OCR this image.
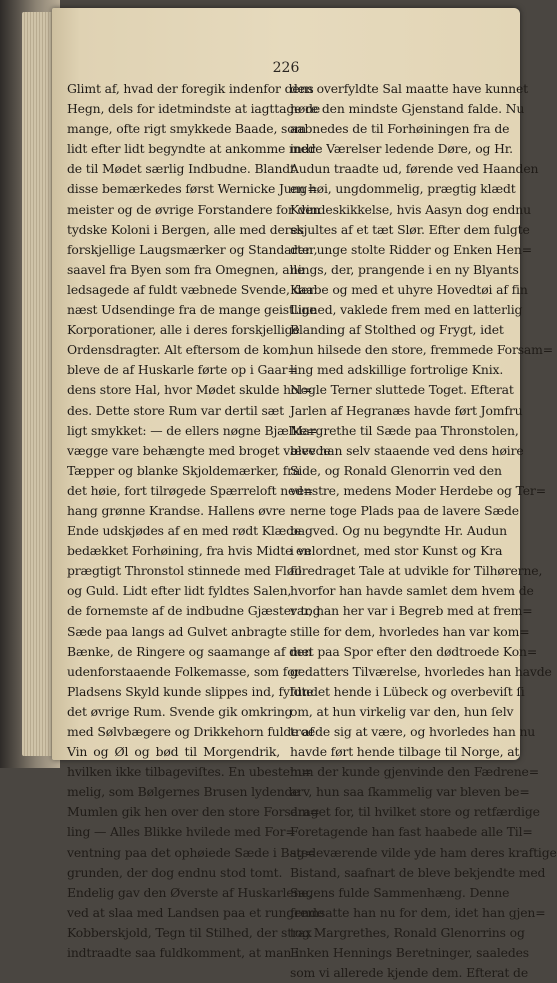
226
Glimt af, hvad der foregik indenfor dens
Hegn, dels for idetmindste at iagttage de
mange, ofte rigt smykkede Baade, som
lidt efter lidt begyndte at ankomme med
de til Mødet særlig Indbudne. Blandt
disse bemærkedes først Wernicke Jung=
meister og de øvrige Forstandere for den
tydske Koloni i Bergen, alle med deres
forskjellige Laugsmærker og Standarter,
saavel fra Byen som fra Omegnen, alle
ledsagede af fuldt væbnede Svende, der
næst Udsendinge fra de mange geistlige
Korporationer, alle i deres forskjellige
Ordensdragter. Alt eftersom de kom,
bleve de af Huskarle førte op i Gaar=
dens store Hal, hvor Mødet skulde hol=
des. Dette store Rum var dertil sæt
ligt smykket: — de ellers nøgne Bjælke=
vægge vare behængte med broget vævede
Tæpper og blanke Skjoldemærker, fra
det høie, fort tilrøgede Spærreloft ned=
hang grønne Krandse. Hallens øvre
Ende udskjødes af en med rødt Klæde
bedækket Forhøining, fra hvis Midte en
prægtigt Thronstol stinnede med Fløil
og Guld. Lidt efter lidt fyldtes Salen,
de fornemste af de indbudne Gjæster tog
Sæde paa langs ad Gulvet anbragte
Bænke, de Ringere og saamange af den
udenforstaaende Folkemasse, som for
Pladsens Skyld kunde slippes ind, fyldte
det øvrige Rum. Svende gik omkring
med Sølvbægere og Drikkehorn fulde af
Vin og Øl og bød til Morgendrik,
hvilken ikke tilbageviſtes. En ubestem=
melig, som Bølgernes Brusen lydende
Mumlen gik hen over den store Forsam=
ling — Alles Blikke hvilede med For=
ventning paa det ophøiede Sæde i Bag=
grunden, der dog endnu stod tomt.
Endelig gav den Øverste af Huskarlene,
ved at slaa med Landsen paa et rungende
Kobberskjold, Tegn til Stilhed, der strax
indtraadte saa fuldkomment, at man i
den overfyldte Sal maatte have kunnet
høre den mindste Gjenstand falde. Nu
aabnedes de til Forhøiningen fra de
indre Værelser ledende Døre, og Hr.
Audun traadte ud, førende ved Haanden
en høi, ungdommelig, prægtig klædt
Kvindeskikkelse, hvis Aasyn dog endnu
skjultes af et tæt Slør. Efter dem fulgte
den unge stolte Ridder og Enken Hen=
nings, der, prangende i en ny Blyants
Kaabe og med et uhyre Hovedtøi af fin
Linned, vaklede frem med en latterlig
Blanding af Stolthed og Frygt, idet
hun hilsede den store, fremmede Forsam=
ling med adskillige fortrolige Knix.
Nogle Terner sluttede Toget. Efterat
Jarlen af Hegranæs havde ført Jomfru
Margrethe til Sæde paa Thronstolen,
blev han selv staaende ved dens høire
Side, og Ronald Glenorrin ved den
venstre, medens Moder Herdebe og Ter=
nerne toge Plads paa de lavere Sæde
bagved. Og nu begyndte Hr. Audun
i velordnet, med stor Kunst og Kra
foredraget Tale at udvikle for Tilhørerne,
hvorfor han havde samlet dem hvem de
var, han her var i Begreb med at frem=
stille for dem, hvorledes han var kom=
met paa Spor efter den dødtroede Kon=
gedatters Tilværelse, hvorledes han havde
fundet hende i Lübeck og overbeviſt ſi
om, at hun virkelig var den, hun ſelv
troede sig at være, og hvorledes han nu
havde ført hende tilbage til Norge, at
hun der kunde gjenvinde den Fædrene=
arv, hun saa ſkammelig var bleven be=
draget for, til hvilket store og retfærdige
Foretagende han fast haabede alle Til=
stedeværende vilde yde ham deres kraftige
Bistand, saafnart de blevе bekjendte med
Sagens fulde Sammenhæng. Denne
fremsatte han nu for dem, idet han gjen=
tog Margrethes, Ronald Glenorrins og
Enken Hennings Beretninger, saaledes
som vi allerede kjende dem. Efterat de
